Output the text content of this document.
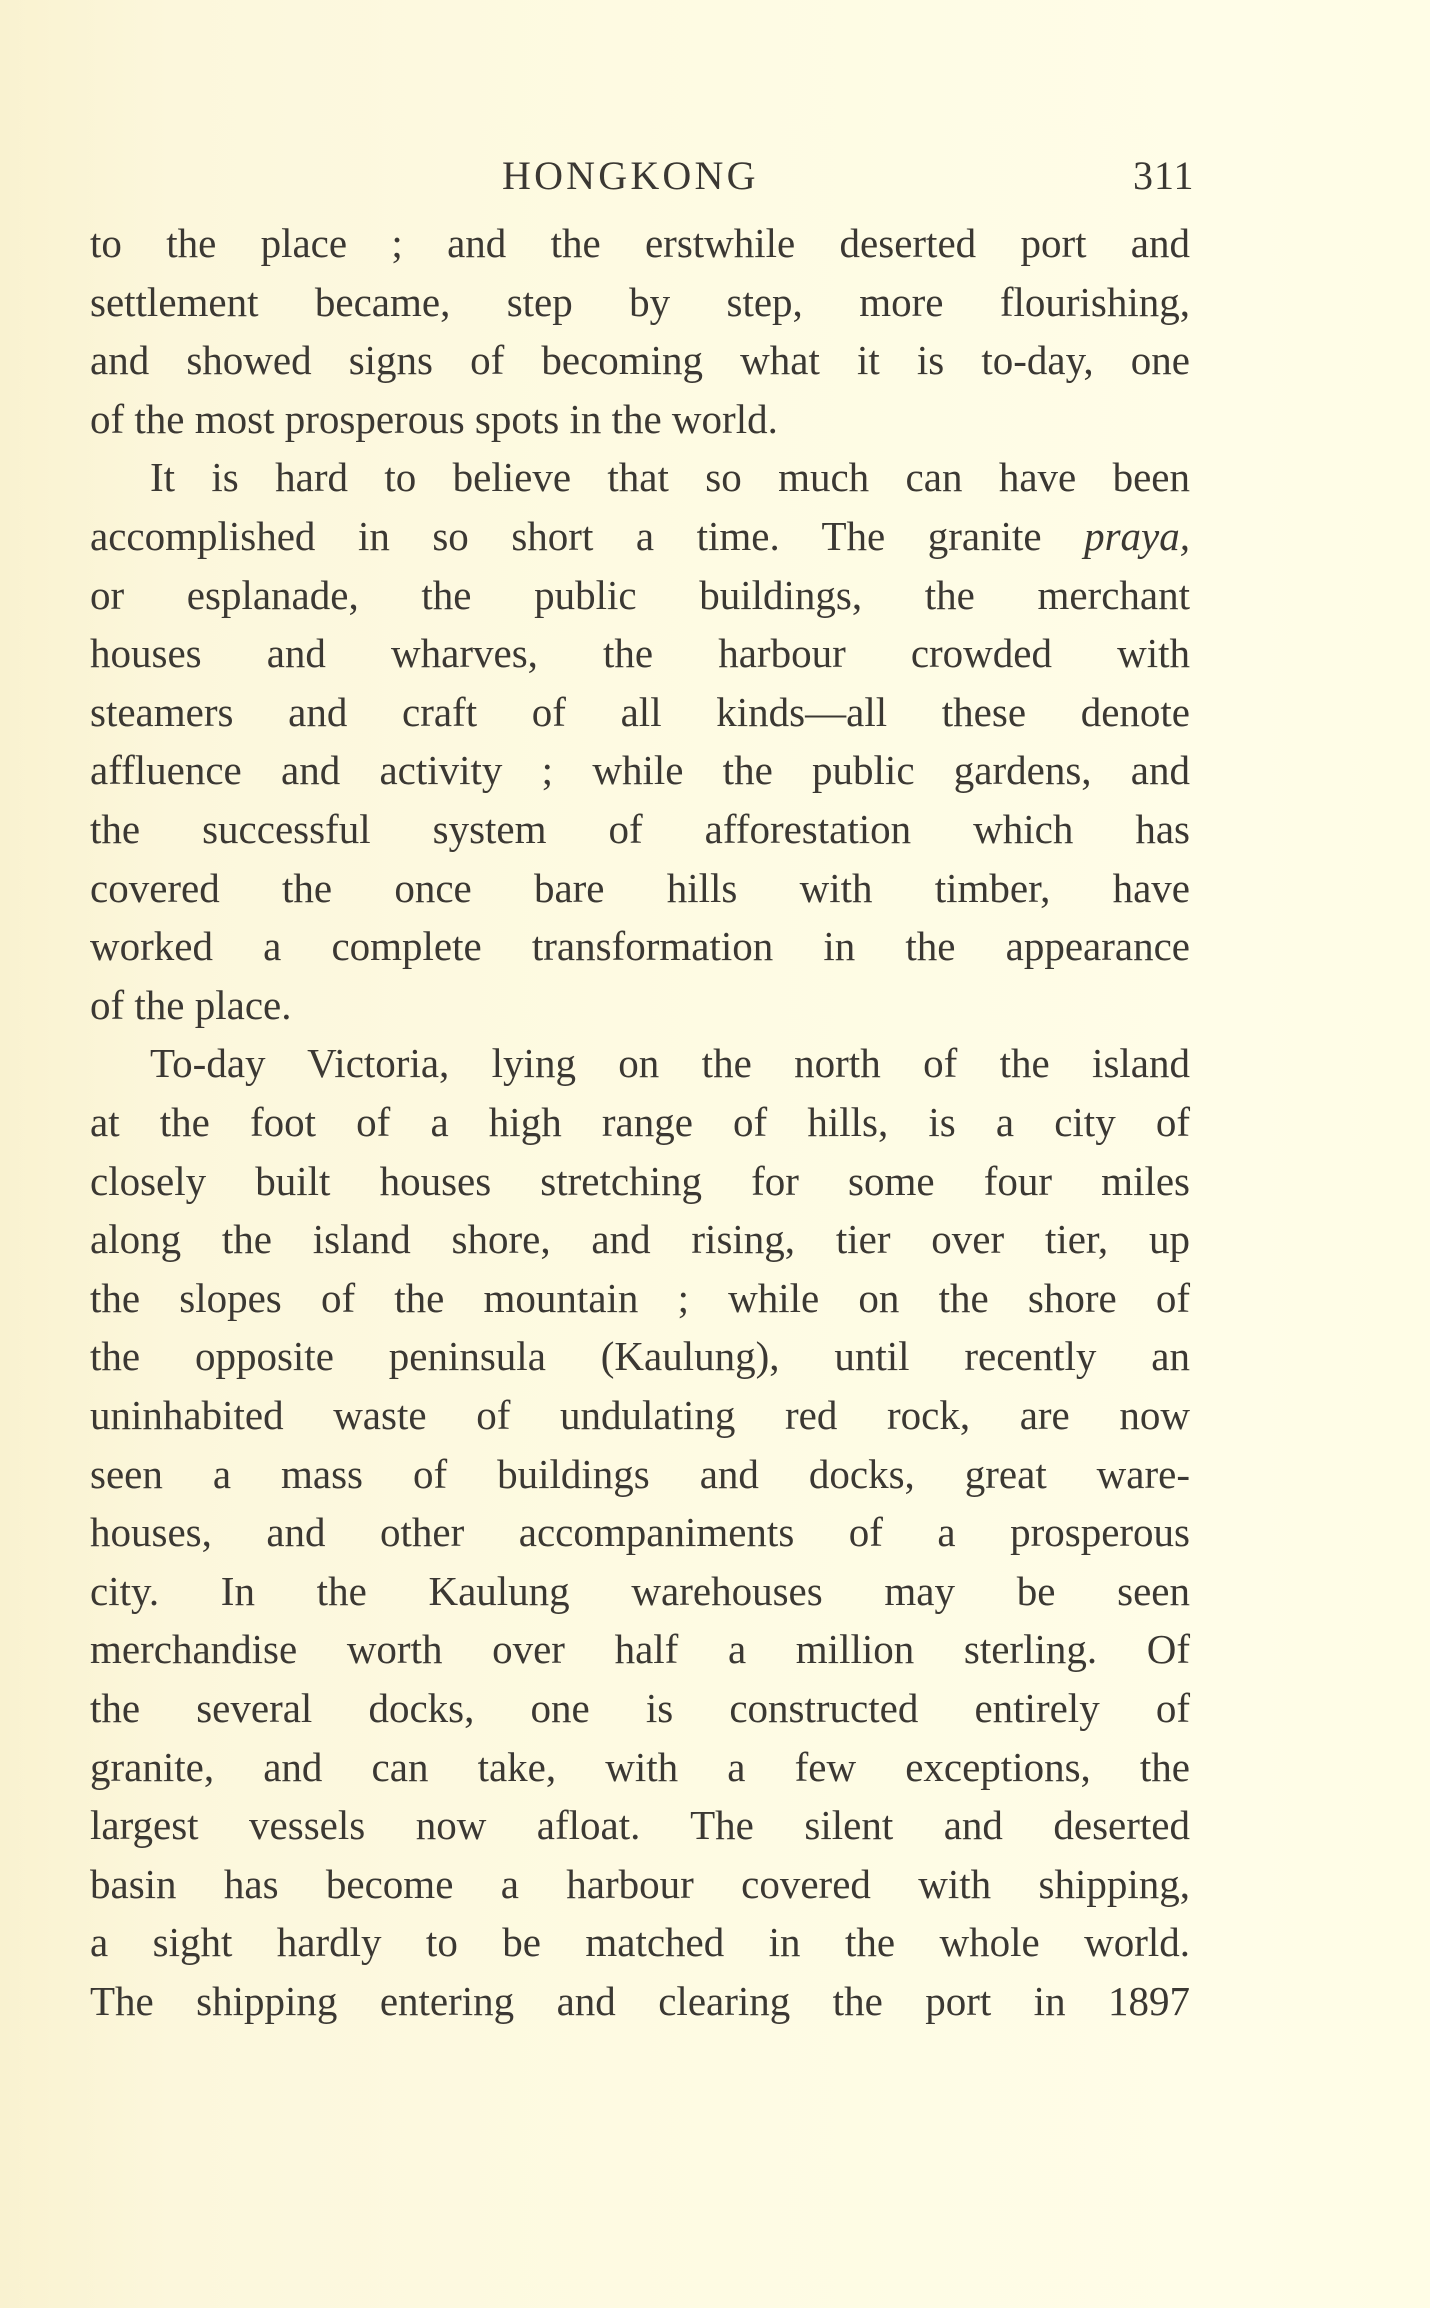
HONGKONG	311
to the place ; and the erstwhile deserted port and
settlement became, step by step, more flourishing,
and showed signs of becoming what it is to-day, one
of the most prosperous spots in the world.
It is hard to believe that so much can have been
accomplished in so short a time. The granite praya,
or esplanade, the public buildings, the merchant
houses and wharves, the harbour crowded with
steamers and craft of all kinds—all these denote
affluence and activity ; while the public gardens, and
the successful system of afforestation which has
covered the once bare hills with timber, have
worked a complete transformation in the appearance
of the place.
To-day Victoria, lying on the north of the island
at the foot of a high range of hills, is a city of
closely built houses stretching for some four miles
along the island shore, and rising, tier over tier, up
the slopes of the mountain ; while on the shore of
the opposite peninsula (Kaulung), until recently an
uninhabited waste of undulating red rock, are now
seen a mass of buildings and docks, great ware-
houses, and other accompaniments of a prosperous
city. In the Kaulung warehouses may be seen
merchandise worth over half a million sterling. Of
the several docks, one is constructed entirely of
granite, and can take, with a few exceptions, the
largest vessels now afloat. The silent and deserted
basin has become a harbour covered with shipping,
a sight hardly to be matched in the whole world.
The shipping entering and clearing the port in 1897
